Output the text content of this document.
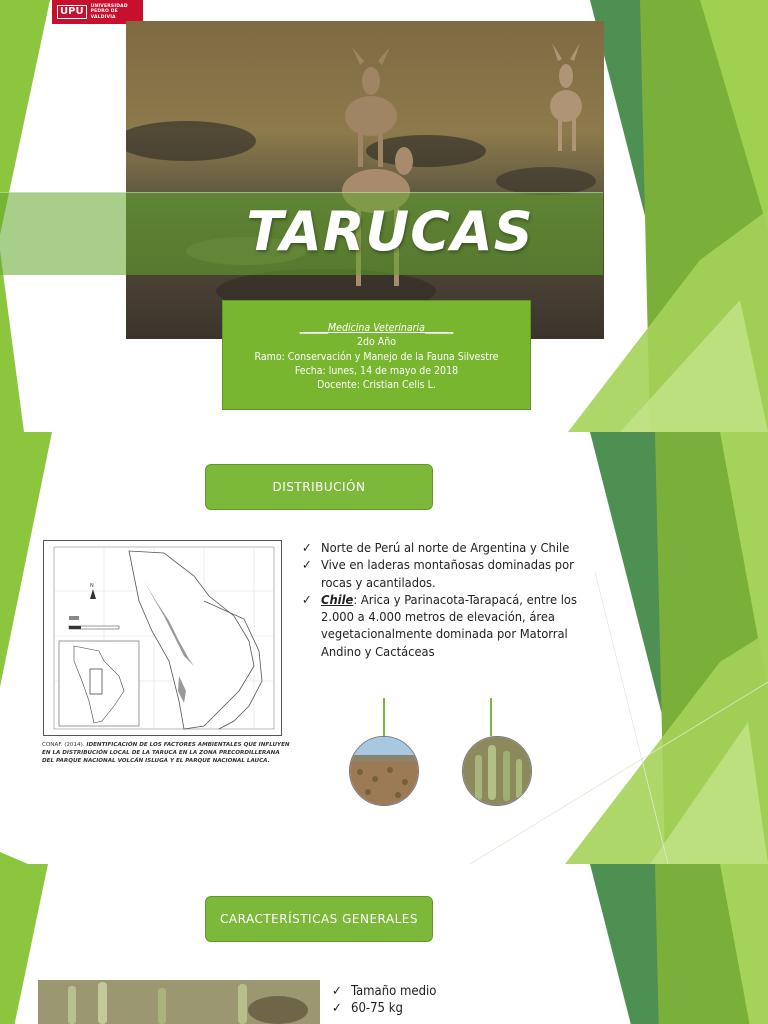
UPU	UNIVERSIDAD
PEDRO DE VALDIVIA
TARUCAS
______Medicina Veterinaria______
2do Año
Ramo: Conservación y Manejo de la Fauna Silvestre
Fecha: lunes, 14 de mayo de 2018
Docente: Cristian Celis L.
DISTRIBUCIÓN
N
CONAF. (2014). IDENTIFICACIÓN DE LOS FACTORES AMBIENTALES QUE INFLUYEN EN LA DISTRIBUCIÓN LOCAL DE LA TARUCA EN LA ZONA PRECORDILLERANA DEL PARQUE NACIONAL VOLCÁN ISLUGA Y EL PARQUE NACIONAL LAUCA.
✓ Norte de Perú al norte de Argentina y Chile
✓ Vive en laderas montañosas dominadas por rocas y acantilados.
✓ Chile: Arica y Parinacota-Tarapacá, entre los 2.000 a 4.000 metros de elevación, área vegetacionalmente dominada por Matorral Andino y Cactáceas
CARACTERÍSTICAS GENERALES
✓ Tamaño medio
✓ 60-75 kg
